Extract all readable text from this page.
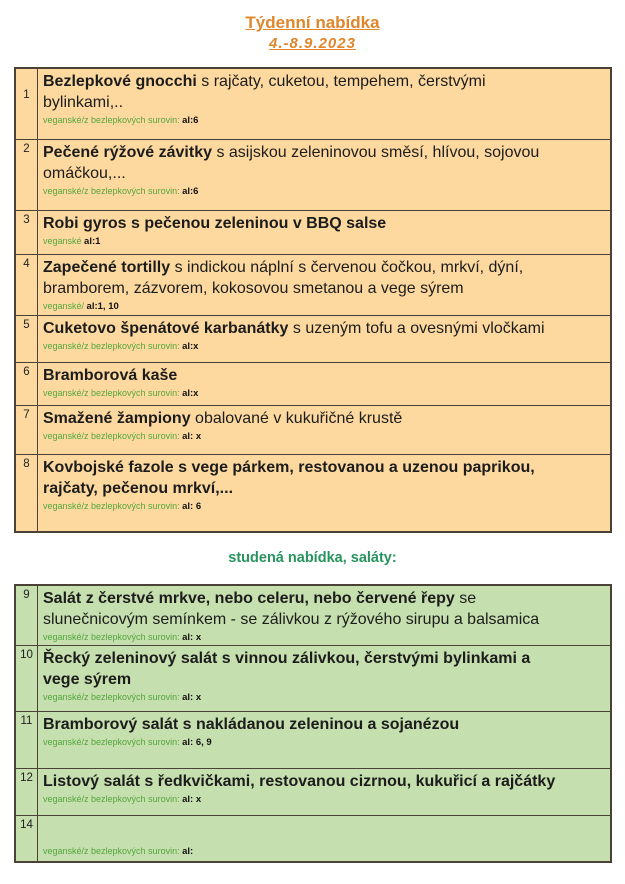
Týdenní nabídka
4.-8.9.2023
1
Bezlepkové gnocchi s rajčaty, cuketou, tempehem, čerstvými bylinkami,..
veganské/z bezlepkových surovin: al:6
2 Pečené rýžové závitky s asijskou zeleninovou směsí, hlívou, sojovou omáčkou,...
veganské/z bezlepkových surovin: al:6
3 Robi gyros s pečenou zeleninou v BBQ salse
veganské al:1
4 Zapečené tortilly s indickou náplní s červenou čočkou, mrkví, dýní, bramborem, zázvorem, kokosovou smetanou a vege sýrem
veganské/ al:1, 10
5 Cuketovo špenátové karbanátky s uzeným tofu a ovesnými vločkami
veganské/z bezlepkových surovin: al:x
6 Bramborová kaše
veganské/z bezlepkových surovin: al:x
7 Smažené žampiony obalované v kukuřičné krustě
veganské/z bezlepkových surovin: al: x
8 Kovbojské fazole s vege párkem, restovanou a uzenou paprikou, rajčaty, pečenou mrkví,...
veganské/z bezlepkových surovin: al: 6
studená nabídka, saláty:
9 Salát z čerstvé mrkve, nebo celeru, nebo červené řepy se slunečnicovým semínkem - se zálivkou z rýžového sirupu a balsamica
veganské/z bezlepkových surovin: al: x
10 Řecký zeleninový salát s vinnou zálivkou, čerstvými bylinkami a vege sýrem
veganské/z bezlepkových surovin: al: x
11 Bramborový salát s nakládanou zeleninou a sojanézou
veganské/z bezlepkových surovin: al: 6, 9
12 Listový salát s ředkvičkami, restovanou cizrnou, kukuřicí a rajčátky
veganské/z bezlepkových surovin: al: x
14
veganské/z bezlepkových surovin: al:
